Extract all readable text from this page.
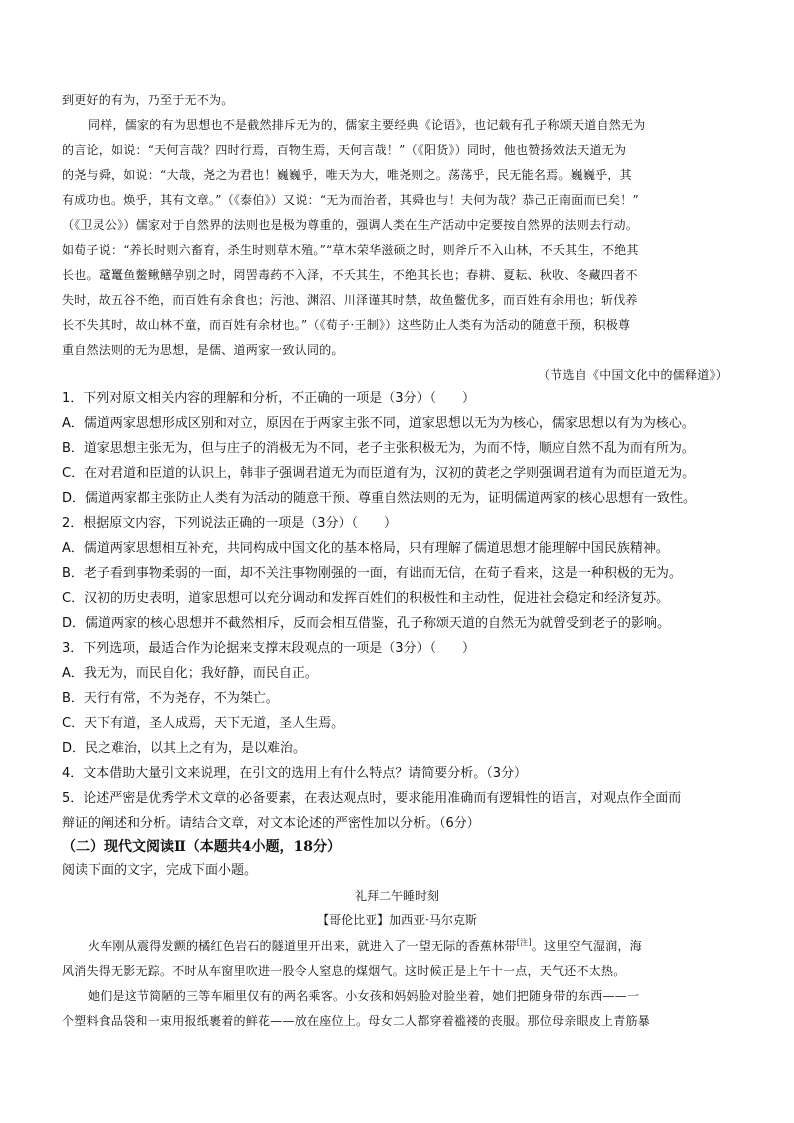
到更好的有为，乃至于无不为。
同样，儒家的有为思想也不是截然排斥无为的，儒家主要经典《论语》，也记载有孔子称颂天道自然无为
的言论，如说：“天何言哉？四时行焉，百物生焉，天何言哉！”（《阳货》）同时，他也赞扬效法天道无为
的尧与舜，如说：“大哉，尧之为君也！巍巍乎，唯天为大，唯尧则之。荡荡乎，民无能名焉。巍巍乎，其
有成功也。焕乎，其有文章。”（《泰伯》）又说：“无为而治者，其舜也与！夫何为哉？恭己正南面而已矣！”
（《卫灵公》）儒家对于自然界的法则也是极为尊重的，强调人类在生产活动中定要按自然界的法则去行动。
如荀子说：“养长时则六畜育，杀生时则草木殖。”“草木荣华滋硕之时，则斧斤不入山林，不夭其生，不绝其
长也。鼋鼍鱼鳖鳅鳝孕别之时，罔罟毒药不入泽，不夭其生，不绝其长也；春耕、夏耘、秋收、冬藏四者不
失时，故五谷不绝，而百姓有余食也；污池、渊沼、川泽谨其时禁，故鱼鳖优多，而百姓有余用也；斩伐养
长不失其时，故山林不童，而百姓有余材也。”（《荀子·王制》）这些防止人类有为活动的随意干预，积极尊
重自然法则的无为思想，是儒、道两家一致认同的。
（节选自《中国文化中的儒释道》）
1．下列对原文相关内容的理解和分析，不正确的一项是（3分）（　　）
A．儒道两家思想形成区别和对立，原因在于两家主张不同，道家思想以无为为核心，儒家思想以有为为核心。
B．道家思想主张无为，但与庄子的消极无为不同，老子主张积极无为，为而不恃，顺应自然不乱为而有所为。
C．在对君道和臣道的认识上，韩非子强调君道无为而臣道有为，汉初的黄老之学则强调君道有为而臣道无为。
D．儒道两家都主张防止人类有为活动的随意干预、尊重自然法则的无为，证明儒道两家的核心思想有一致性。
2．根据原文内容，下列说法正确的一项是（3分）（　　）
A．儒道两家思想相互补充，共同构成中国文化的基本格局，只有理解了儒道思想才能理解中国民族精神。
B．老子看到事物柔弱的一面，却不关注事物刚强的一面，有诎而无信，在荀子看来，这是一种积极的无为。
C．汉初的历史表明，道家思想可以充分调动和发挥百姓们的积极性和主动性，促进社会稳定和经济复苏。
D．儒道两家的核心思想并不截然相斥，反而会相互借鉴，孔子称颂天道的自然无为就曾受到老子的影响。
3．下列选项，最适合作为论据来支撑末段观点的一项是（3分）（　　）
A．我无为，而民自化；我好静，而民自正。
B．天行有常，不为尧存，不为桀亡。
C．天下有道，圣人成焉，天下无道，圣人生焉。
D．民之难治，以其上之有为，是以难治。
4．文本借助大量引文来说理，在引文的选用上有什么特点？请简要分析。（3分）
5．论述严密是优秀学术文章的必备要素，在表达观点时，要求能用准确而有逻辑性的语言，对观点作全面而
辩证的阐述和分析。请结合文章，对文本论述的严密性加以分析。（6分）
（二）现代文阅读Ⅱ（本题共4小题，18分）
阅读下面的文字，完成下面小题。
礼拜二午睡时刻
【哥伦比亚】加西亚·马尔克斯
火车刚从震得发颤的橘红色岩石的隧道里开出来，就进入了一望无际的香蕉林带[注]。这里空气湿润，海
风消失得无影无踪。不时从车窗里吹进一股令人窒息的煤烟气。这时候正是上午十一点，天气还不太热。
她们是这节简陋的三等车厢里仅有的两名乘客。小女孩和妈妈脸对脸坐着，她们把随身带的东西——一
个塑料食品袋和一束用报纸裹着的鲜花——放在座位上。母女二人都穿着褴褛的丧服。那位母亲眼皮上青筋暴
